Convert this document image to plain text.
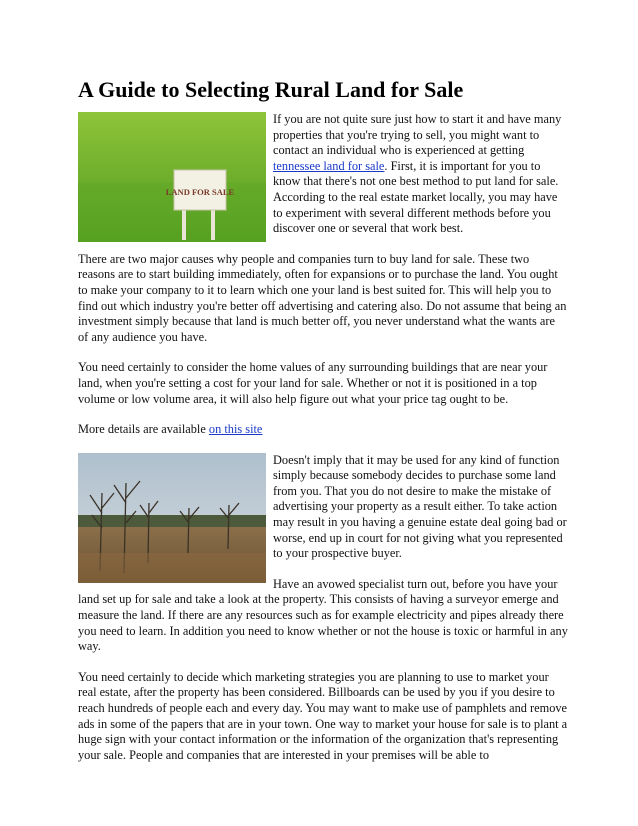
A Guide to Selecting Rural Land for Sale
LAND FOR SALE

If you are not quite sure just how to start it and have many properties that you're trying to sell, you might want to contact an individual who is experienced at getting tennessee land for sale. First, it is important for you to know that there's not one best method to put land for sale. According to the real estate market locally, you may have to experiment with several different methods before you discover one or several that work best.

There are two major causes why people and companies turn to buy land for sale. These two reasons are to start building immediately, often for expansions or to purchase the land. You ought to make your company to it to learn which one your land is best suited for. This will help you to find out which industry you're better off advertising and catering also. Do not assume that being an investment simply because that land is much better off, you never understand what the wants are of any audience you have.

You need certainly to consider the home values of any surrounding buildings that are near your land, when you're setting a cost for your land for sale. Whether or not it is positioned in a top volume or low volume area, it will also help figure out what your price tag ought to be.

More details are available on this site

Doesn't imply that it may be used for any kind of function simply because somebody decides to purchase some land from you. That you do not desire to make the mistake of advertising your property as a result either. To take action may result in you having a genuine estate deal going bad or worse, end up in court for not giving what you represented to your prospective buyer.

Have an avowed specialist turn out, before you have your land set up for sale and take a look at the property. This consists of having a surveyor emerge and measure the land. If there are any resources such as for example electricity and pipes already there you need to learn. In addition you need to know whether or not the house is toxic or harmful in any way.

You need certainly to decide which marketing strategies you are planning to use to market your real estate, after the property has been considered. Billboards can be used by you if you desire to reach hundreds of people each and every day. You may want to make use of pamphlets and remove ads in some of the papers that are in your town. One way to market your house for sale is to plant a huge sign with your contact information or the information of the organization that's representing your sale. People and companies that are interested in your premises will be able to
